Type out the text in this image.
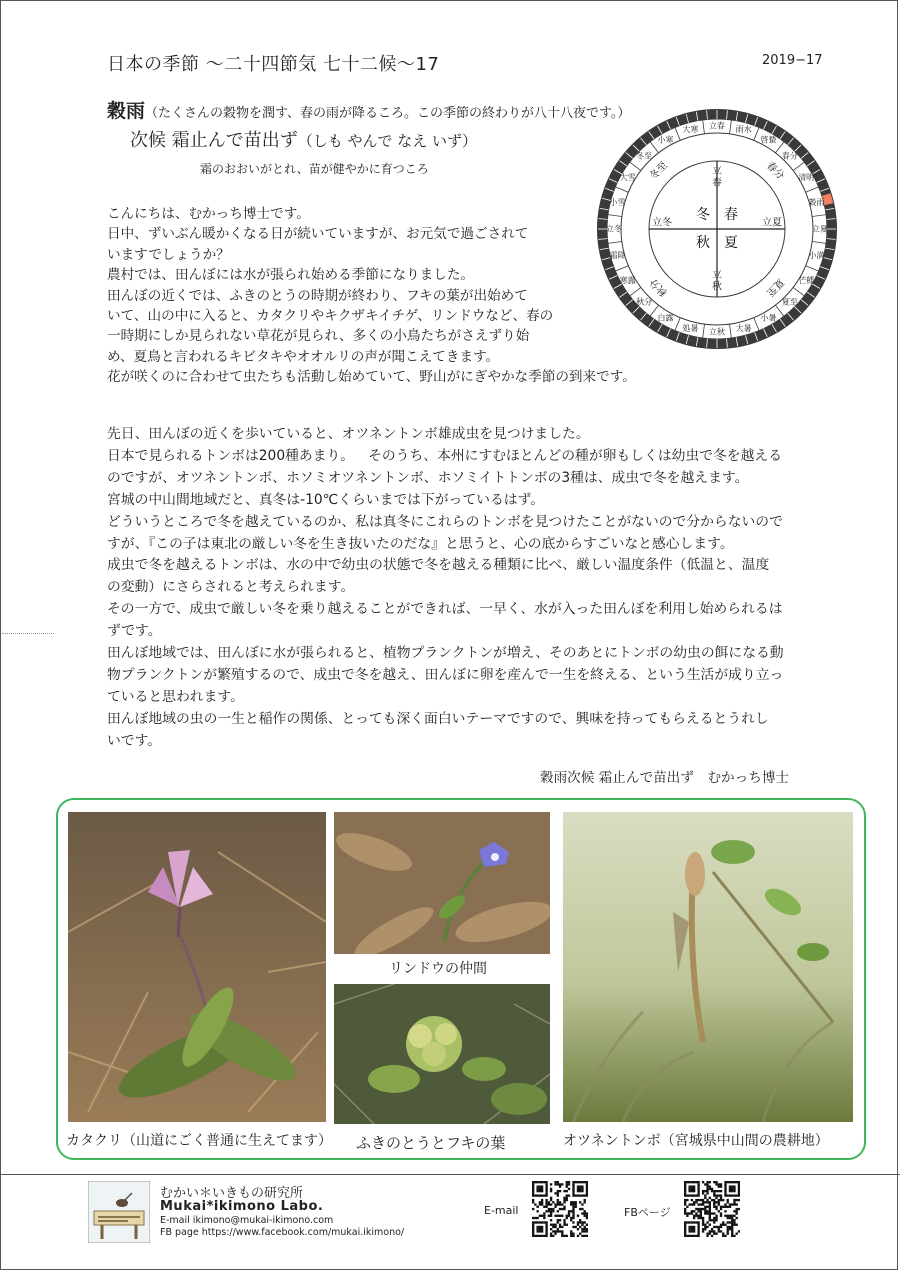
日本の季節 〜二十四節気 七十二候〜17	2019−17
穀雨（たくさんの穀物を潤す、春の雨が降るころ。この季節の終わりが八十八夜です。）
次候 霜止んで苗出ず（しも やんで なえ いず）
霜のおおいがとれ、苗が健やかに育つころ
立春 雨水
啓蟄
春分
清明
穀雨
立夏
小満
芒種
夏至
小暑
大暑
立秋
処暑
白露
秋分
寒露
霜降
立冬
小雪
大雪
冬至
小寒
大寒
春分
夏至
秋分
冬至	立
春
立
秋
立夏
立冬	春
夏
秋
冬

こんにちは、むかっち博士です。

日中、ずいぶん暖かくなる日が続いていますが、お元気で過ごされて

いますでしょうか？

農村では、田んぼには水が張られ始める季節になりました。

田んぼの近くでは、ふきのとうの時期が終わり、フキの葉が出始めて

いて、山の中に入ると、カタクリやキクザキイチゲ、リンドウなど、春の

一時期にしか見られない草花が見られ、多くの小鳥たちがさえずり始

め、夏鳥と言われるキビタキやオオルリの声が聞こえてきます。

花が咲くのに合わせて虫たちも活動し始めていて、野山がにぎやかな季節の到来です。

先日、田んぼの近くを歩いていると、オツネントンボ雄成虫を見つけました。

日本で見られるトンボは200種あまり。 そのうち、本州にすむほとんどの種が卵もしくは幼虫で冬を越える

のですが、オツネントンボ、ホソミオツネントンボ、ホソミイトトンボの3種は、成虫で冬を越えます。

宮城の中山間地域だと、真冬は-10℃くらいまでは下がっているはず。

どういうところで冬を越えているのか、私は真冬にこれらのトンボを見つけたことがないので分からないので

すが、『この子は東北の厳しい冬を生き抜いたのだな』と思うと、心の底からすごいなと感心します。

成虫で冬を越えるトンボは、水の中で幼虫の状態で冬を越える種類に比べ、厳しい温度条件（低温と、温度

の変動）にさらされると考えられます。

その一方で、成虫で厳しい冬を乗り越えることができれば、一早く、水が入った田んぼを利用し始められるは

ずです。

田んぼ地域では、田んぼに水が張られると、植物プランクトンが増え、そのあとにトンボの幼虫の餌になる動

物プランクトンが繁殖するので、成虫で冬を越え、田んぼに卵を産んで一生を終える、という生活が成り立っ

ていると思われます。

田んぼ地域の虫の一生と稲作の関係、とっても深く面白いテーマですので、興味を持ってもらえるとうれし

いです。

穀雨次候 霜止んで苗出ず　むかっち博士
リンドウの仲間
ふきのとうとフキの葉
カタクリ（山道にごく普通に生えてます）	オツネントンボ（宮城県中山間の農耕地）
むかい＊いきもの研究所
Mukai*ikimono Labo.
E-mail ikimono@mukai-ikimono.com
FB page https://www.facebook.com/mukai.ikimono/
E-mail	FBページ
